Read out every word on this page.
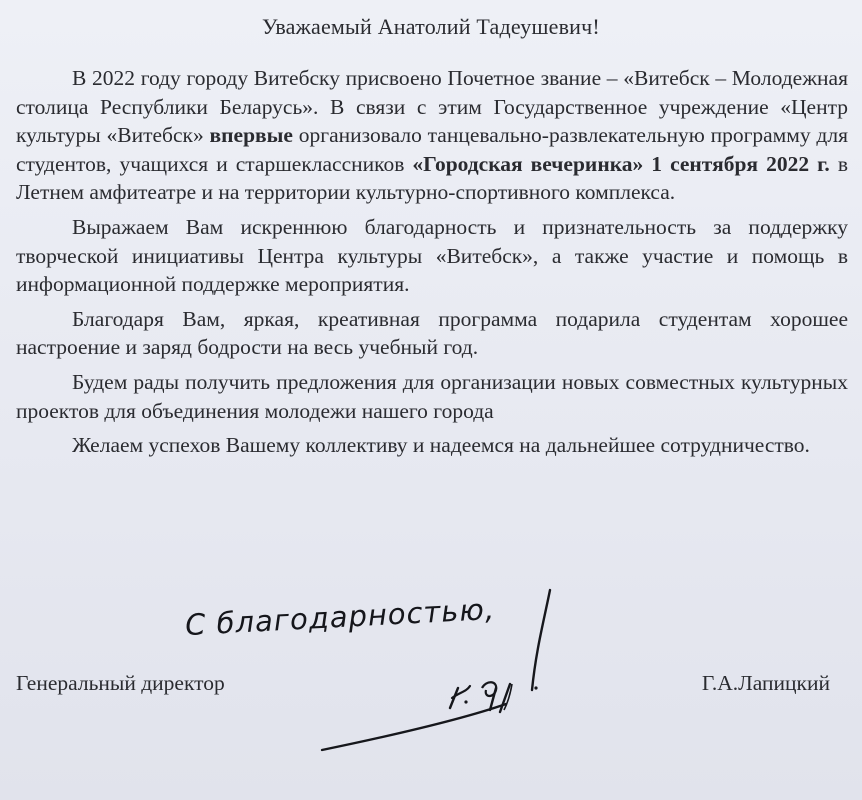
Уважаемый Анатолий Тадеушевич!

В 2022 году городу Витебску присвоено Почетное звание – «Витебск – Молодежная столица Республики Беларусь». В связи с этим Государственное учреждение «Центр культуры «Витебск» впервые организовало танцевально-развлекательную программу для студентов, учащихся и старшеклассников «Городская вечеринка» 1 сентября 2022 г. в Летнем амфитеатре и на территории культурно-спортивного комплекса.

Выражаем Вам искреннюю благодарность и признательность за поддержку творческой инициативы Центра культуры «Витебск», а также участие и помощь в информационной поддержке мероприятия.

Благодаря Вам, яркая, креативная программа подарила студентам хорошее настроение и заряд бодрости на весь учебный год.

Будем рады получить предложения для организации новых совместных культурных проектов для объединения молодежи нашего города

Желаем успехов Вашему коллективу и надеемся на дальнейшее сотрудничество.

С благодарностью,
Генеральный директор	Г.А.Лапицкий
